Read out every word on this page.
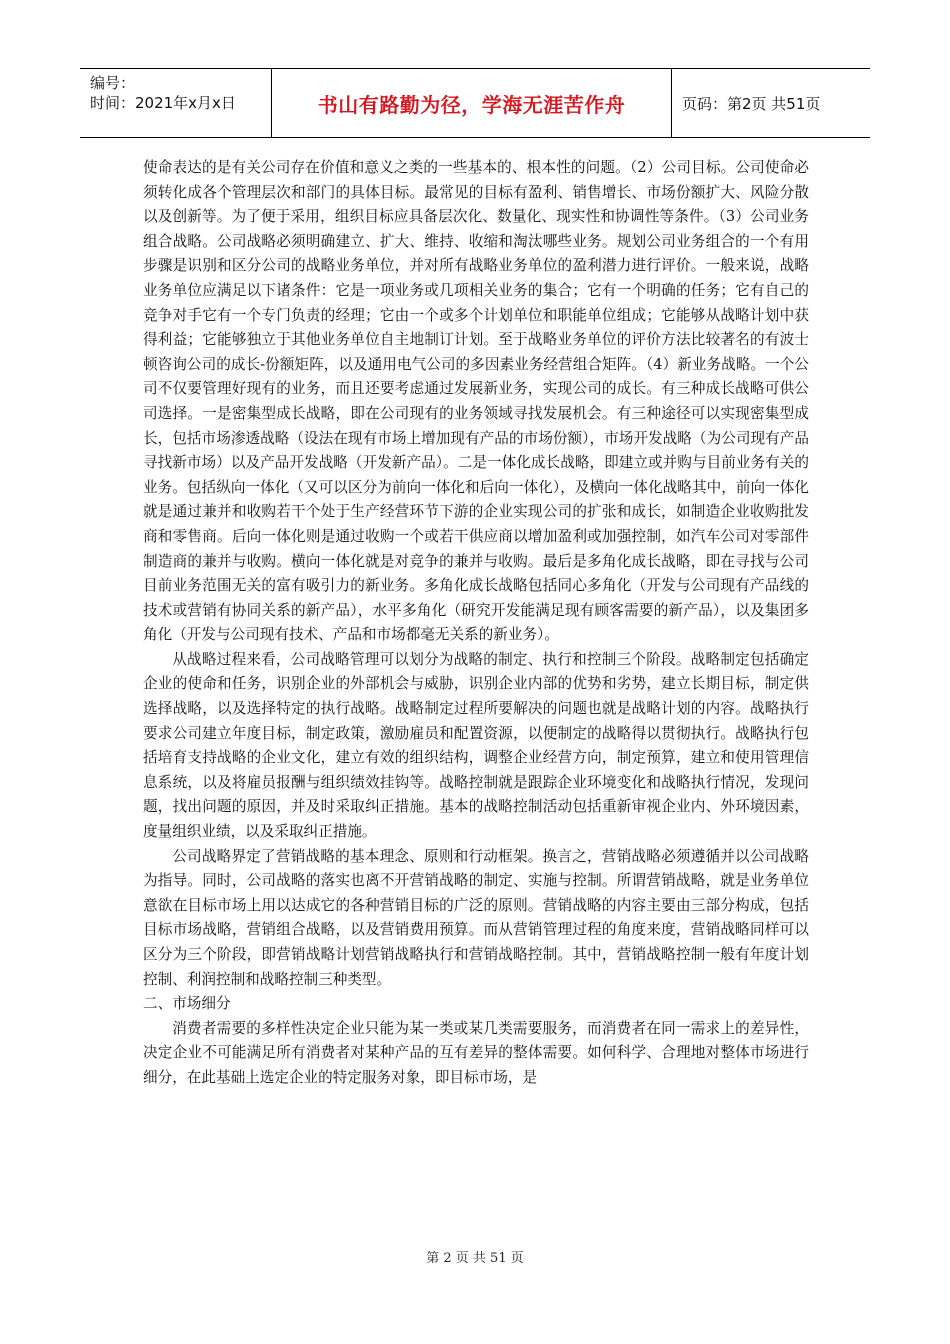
编号：
时间：2021年x月x日	书山有路勤为径，学海无涯苦作舟	页码：第2页 共51页

使命表达的是有关公司存在价值和意义之类的一些基本的、根本性的问题。（2）公司目标。公司使命必须转化成各个管理层次和部门的具体目标。最常见的目标有盈利、销售增长、市场份额扩大、风险分散以及创新等。为了便于采用，组织目标应具备层次化、数量化、现实性和协调性等条件。（3）公司业务组合战略。公司战略必须明确建立、扩大、维持、收缩和淘汰哪些业务。规划公司业务组合的一个有用步骤是识别和区分公司的战略业务单位，并对所有战略业务单位的盈利潜力进行评价。一般来说，战略业务单位应满足以下诸条件：它是一项业务或几项相关业务的集合；它有一个明确的任务；它有自己的竞争对手它有一个专门负责的经理；它由一个或多个计划单位和职能单位组成；它能够从战略计划中获得利益；它能够独立于其他业务单位自主地制订计划。至于战略业务单位的评价方法比较著名的有波士顿咨询公司的成长-份额矩阵，以及通用电气公司的多因素业务经营组合矩阵。（4）新业务战略。一个公司不仅要管理好现有的业务，而且还要考虑通过发展新业务，实现公司的成长。有三种成长战略可供公司选择。一是密集型成长战略，即在公司现有的业务领域寻找发展机会。有三种途径可以实现密集型成长，包括市场渗透战略（设法在现有市场上增加现有产品的市场份额），市场开发战略（为公司现有产品寻找新市场）以及产品开发战略（开发新产品）。二是一体化成长战略，即建立或并购与目前业务有关的业务。包括纵向一体化（又可以区分为前向一体化和后向一体化），及横向一体化战略其中，前向一体化就是通过兼并和收购若干个处于生产经营环节下游的企业实现公司的扩张和成长，如制造企业收购批发商和零售商。后向一体化则是通过收购一个或若干供应商以增加盈利或加强控制，如汽车公司对零部件制造商的兼并与收购。横向一体化就是对竞争的兼并与收购。最后是多角化成长战略，即在寻找与公司目前业务范围无关的富有吸引力的新业务。多角化成长战略包括同心多角化（开发与公司现有产品线的技术或营销有协同关系的新产品），水平多角化（研究开发能满足现有顾客需要的新产品），以及集团多角化（开发与公司现有技术、产品和市场都毫无关系的新业务）。

从战略过程来看，公司战略管理可以划分为战略的制定、执行和控制三个阶段。战略制定包括确定企业的使命和任务，识别企业的外部机会与威胁，识别企业内部的优势和劣势，建立长期目标，制定供选择战略，以及选择特定的执行战略。战略制定过程所要解决的问题也就是战略计划的内容。战略执行要求公司建立年度目标，制定政策，激励雇员和配置资源，以便制定的战略得以贯彻执行。战略执行包括培育支持战略的企业文化，建立有效的组织结构，调整企业经营方向，制定预算，建立和使用管理信息系统，以及将雇员报酬与组织绩效挂钩等。战略控制就是跟踪企业环境变化和战略执行情况，发现问题，找出问题的原因，并及时采取纠正措施。基本的战略控制活动包括重新审视企业内、外环境因素，度量组织业绩，以及采取纠正措施。

公司战略界定了营销战略的基本理念、原则和行动框架。换言之，营销战略必须遵循并以公司战略为指导。同时，公司战略的落实也离不开营销战略的制定、实施与控制。所谓营销战略，就是业务单位意欲在目标市场上用以达成它的各种营销目标的广泛的原则。营销战略的内容主要由三部分构成，包括目标市场战略，营销组合战略，以及营销费用预算。而从营销管理过程的角度来度，营销战略同样可以区分为三个阶段，即营销战略计划营销战略执行和营销战略控制。其中，营销战略控制一般有年度计划控制、利润控制和战略控制三种类型。

二、市场细分

消费者需要的多样性决定企业只能为某一类或某几类需要服务，而消费者在同一需求上的差异性，决定企业不可能满足所有消费者对某种产品的互有差异的整体需要。如何科学、合理地对整体市场进行细分，在此基础上选定企业的特定服务对象，即目标市场，是

第 2 页 共 51 页
